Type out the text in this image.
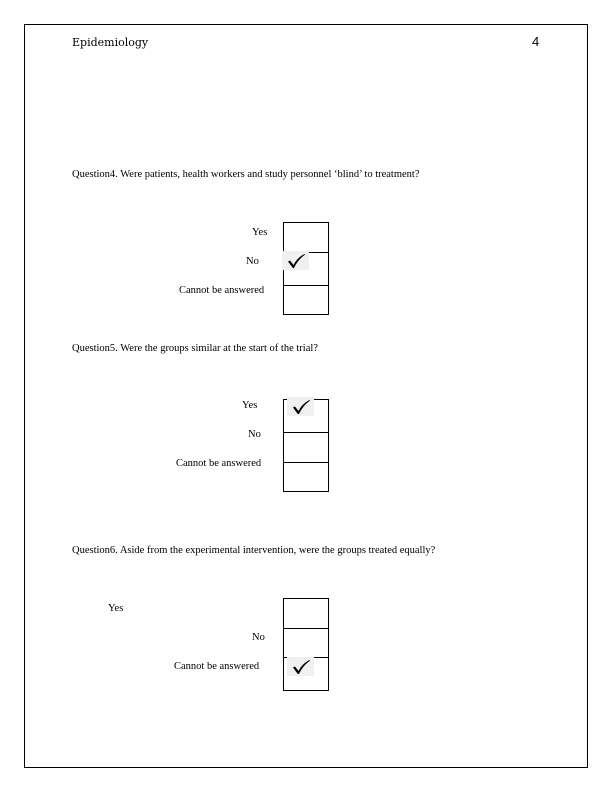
Epidemiology	4
Question4. Were patients, health workers and study personnel ‘blind’ to treatment?
Yes
No
Cannot be answered
Question5. Were the groups similar at the start of the trial?
Yes
No
Cannot be answered
Question6. Aside from the experimental intervention, were the groups treated equally?
Yes
No
Cannot be answered
